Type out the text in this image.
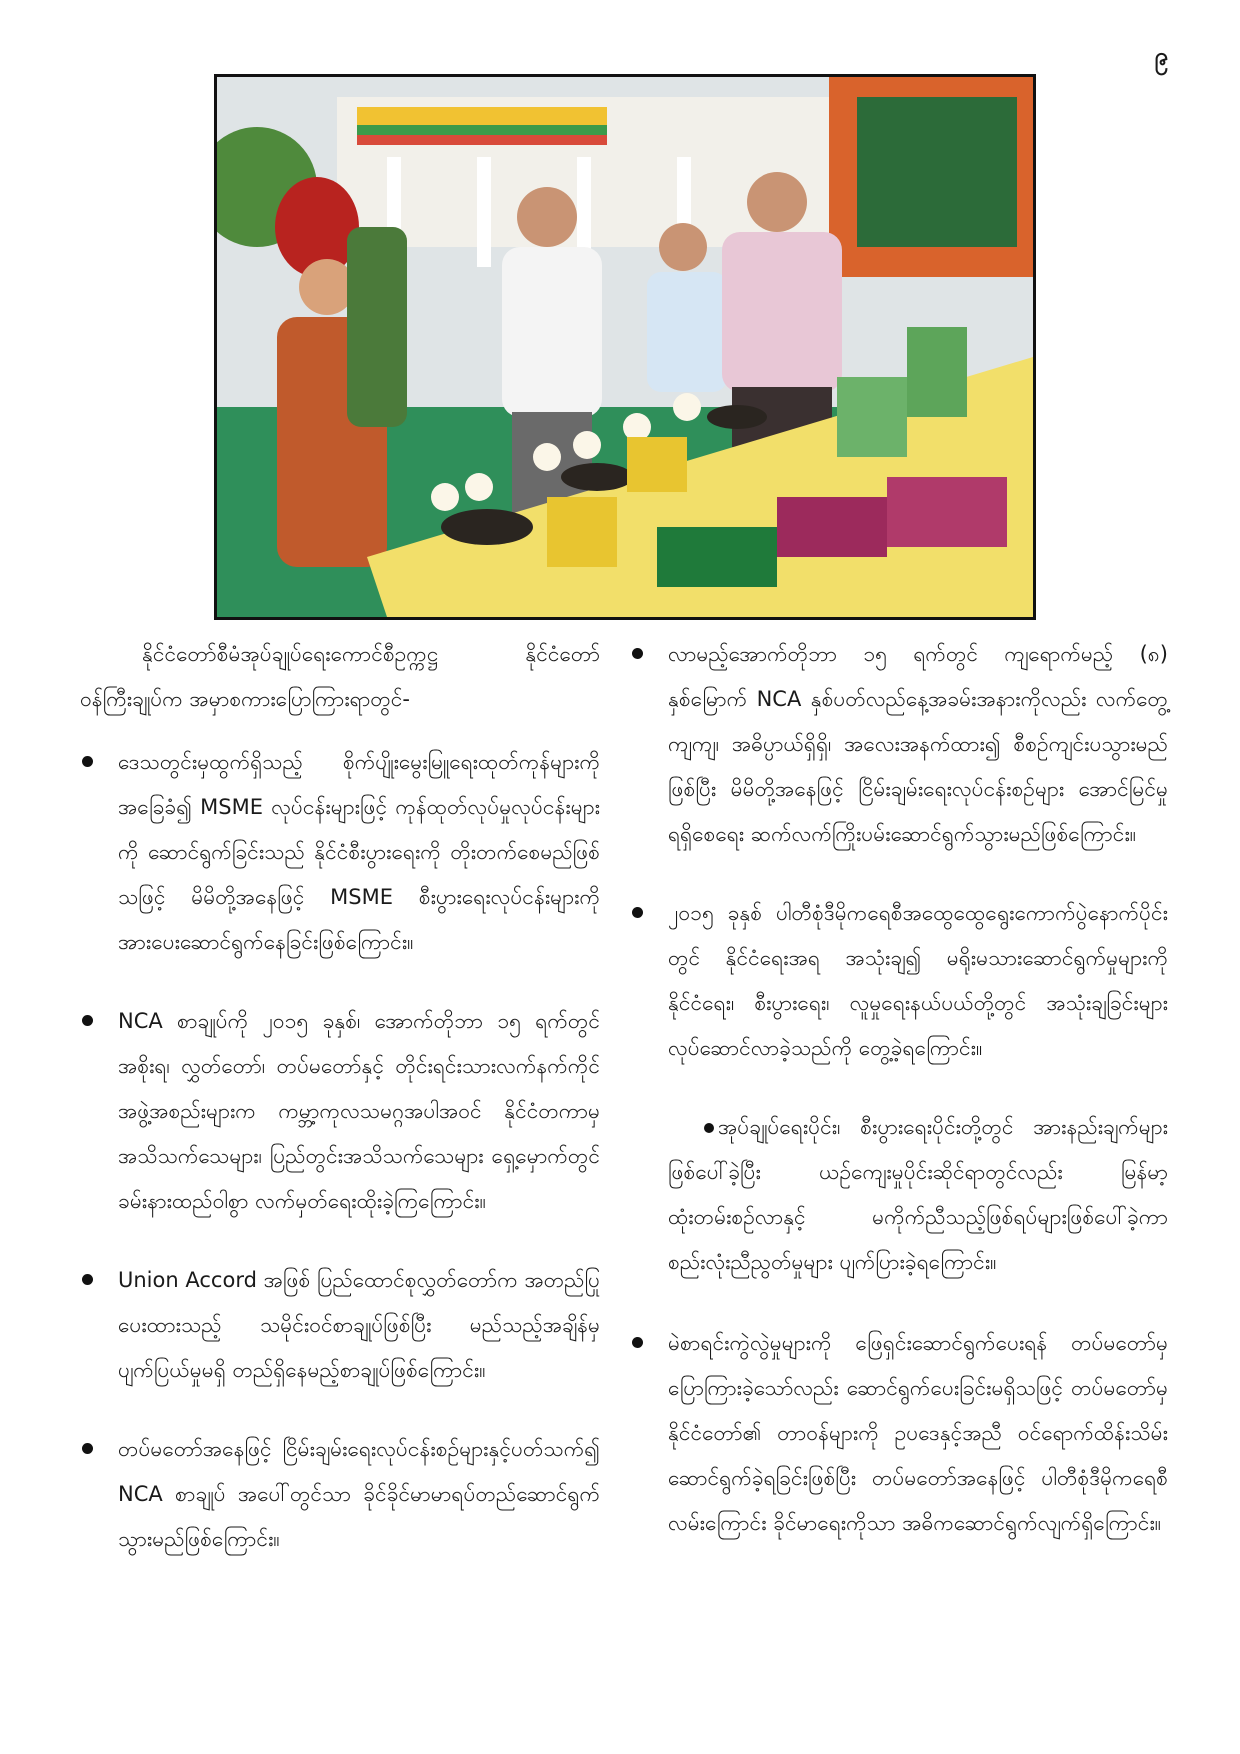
၉

နိုင်ငံတော်စီမံအုပ်ချုပ်ရေးကောင်စီဥက္ကဋ္ဌ နိုင်ငံတော်ဝန်ကြီးချုပ်က အမှာစကားပြောကြားရာတွင်-

ဒေသတွင်းမှထွက်ရှိသည့် စိုက်ပျိုးမွေးမြူရေးထုတ်ကုန်များကို အခြေခံ၍ MSME လုပ်ငန်းများဖြင့် ကုန်ထုတ်လုပ်မှုလုပ်ငန်းများကို ဆောင်ရွက်ခြင်းသည် နိုင်ငံစီးပွားရေးကို တိုးတက်စေမည်ဖြစ်သဖြင့် မိမိတို့အနေဖြင့် MSME စီးပွားရေးလုပ်ငန်းများကို အားပေးဆောင်ရွက်နေခြင်းဖြစ်ကြောင်း။
NCA စာချုပ်ကို ၂၀၁၅ ခုနှစ်၊ အောက်တိုဘာ ၁၅ ရက်တွင် အစိုးရ၊ လွှတ်တော်၊ တပ်မတော်နှင့် တိုင်းရင်းသားလက်နက်ကိုင်အဖွဲ့အစည်းများက ကမ္ဘာ့ကုလသမဂ္ဂအပါအဝင် နိုင်ငံတကာမှ အသိသက်သေများ၊ ပြည်တွင်းအသိသက်သေများ ရှေ့မှောက်တွင် ခမ်းနားထည်ဝါစွာ လက်မှတ်ရေးထိုးခဲ့ကြကြောင်း။
Union Accord အဖြစ် ပြည်ထောင်စုလွှတ်တော်က အတည်ပြုပေးထားသည့် သမိုင်းဝင်စာချုပ်ဖြစ်ပြီး မည်သည့်အချိန်မှ ပျက်ပြယ်မှုမရှိ တည်ရှိနေမည့်စာချုပ်ဖြစ်ကြောင်း။
တပ်မတော်အနေဖြင့် ငြိမ်းချမ်းရေးလုပ်ငန်းစဉ်များနှင့်ပတ်သက်၍ NCA စာချုပ် အပေါ်တွင်သာ ခိုင်ခိုင်မာမာရပ်တည်ဆောင်ရွက်သွားမည်ဖြစ်ကြောင်း။
လာမည့်အောက်တိုဘာ ၁၅ ရက်တွင် ကျရောက်မည့် (၈) နှစ်မြောက် NCA နှစ်ပတ်လည်နေ့အခမ်းအနားကိုလည်း လက်တွေ့ကျကျ၊ အဓိပ္ပာယ်ရှိရှိ၊ အလေးအနက်ထား၍ စီစဉ်ကျင်းပသွားမည်ဖြစ်ပြီး မိမိတို့အနေဖြင့် ငြိမ်းချမ်းရေးလုပ်ငန်းစဉ်များ အောင်မြင်မှုရရှိစေရေး ဆက်လက်ကြိုးပမ်းဆောင်ရွက်သွားမည်ဖြစ်ကြောင်း။
၂၀၁၅ ခုနှစ် ပါတီစုံဒီမိုကရေစီအထွေထွေရွေးကောက်ပွဲနောက်ပိုင်းတွင် နိုင်ငံရေးအရ အသုံးချ၍ မရိုးမသားဆောင်ရွက်မှုများကို နိုင်ငံရေး၊ စီးပွားရေး၊ လူမှုရေးနယ်ပယ်တို့တွင် အသုံးချခြင်းများ လုပ်ဆောင်လာခဲ့သည်ကို တွေ့ခဲ့ရကြောင်း။

အုပ်ချုပ်ရေးပိုင်း၊ စီးပွားရေးပိုင်းတို့တွင် အားနည်းချက်များဖြစ်ပေါ်ခဲ့ပြီး ယဉ်ကျေးမှုပိုင်းဆိုင်ရာတွင်လည်း မြန်မာ့ထုံးတမ်းစဉ်လာနှင့် မကိုက်ညီသည့်ဖြစ်ရပ်များဖြစ်ပေါ်ခဲ့ကာ စည်းလုံးညီညွတ်မှုများ ပျက်ပြားခဲ့ရကြောင်း။

မဲစာရင်းကွဲလွဲမှုများကို ဖြေရှင်းဆောင်ရွက်ပေးရန် တပ်မတော်မှ ပြောကြားခဲ့သော်လည်း ဆောင်ရွက်ပေးခြင်းမရှိသဖြင့် တပ်မတော်မှ နိုင်ငံတော်၏ တာဝန်များကို ဥပဒေနှင့်အညီ ဝင်ရောက်ထိန်းသိမ်းဆောင်ရွက်ခဲ့ရခြင်းဖြစ်ပြီး တပ်မတော်အနေဖြင့် ပါတီစုံဒီမိုကရေစီလမ်းကြောင်း ခိုင်မာရေးကိုသာ အဓိကဆောင်ရွက်လျက်ရှိကြောင်း။
